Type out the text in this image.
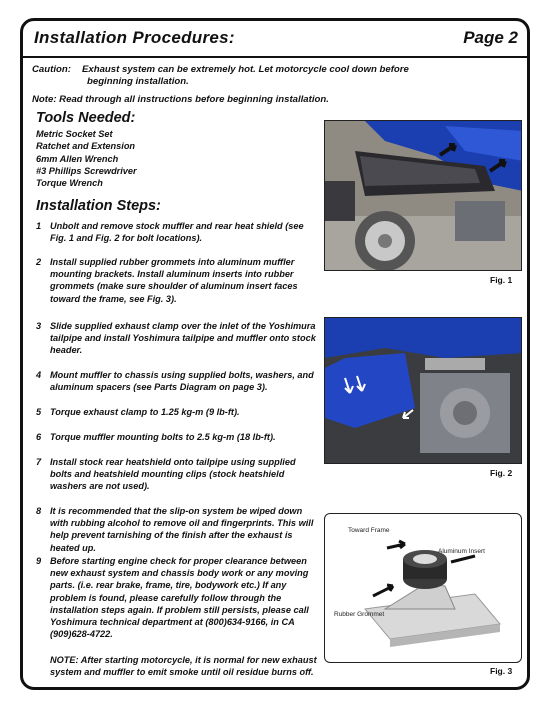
Installation Procedures:	Page 2
Caution: Exhaust system can be extremely hot. Let motorcycle cool down before
beginning installation.
Note: Read through all instructions before beginning installation.
Tools Needed:
Metric Socket Set
Ratchet and Extension
6mm Allen Wrench
#3 Phillips Screwdriver
Torque Wrench
Installation Steps:
1 Unbolt and remove stock muffler and rear heat shield (see Fig. 1 and Fig. 2 for bolt locations).
2 Install supplied rubber grommets into aluminum muffler mounting brackets. Install aluminum inserts into rubber grommets (make sure shoulder of aluminum insert faces toward the frame, see Fig. 3).
3 Slide supplied exhaust clamp over the inlet of the Yoshimura tailpipe and install Yoshimura tailpipe and muffler onto stock header.
4 Mount muffler to chassis using supplied bolts, washers, and aluminum spacers (see Parts Diagram on page 3).
5 Torque exhaust clamp to 1.25 kg-m (9 lb-ft).
6 Torque muffler mounting bolts to 2.5 kg-m (18 lb-ft).
7 Install stock rear heatshield onto tailpipe using supplied bolts and heatshield mounting clips (stock heatshield washers are not used).
8 It is recommended that the slip-on system be wiped down with rubbing alcohol to remove oil and fingerprints. This will help prevent tarnishing of the finish after the exhaust is heated up.
9 Before starting engine check for proper clearance between new exhaust system and chassis body work or any moving parts. (i.e. rear brake, frame, tire, bodywork etc.) If any problem is found, please carefully follow through the installation steps again. If problem still persists, please call Yoshimura technical department at (800)634-9166, in CA (909)628-4722.
NOTE: After starting motorcycle, it is normal for new exhaust system and muffler to emit smoke until oil residue burns off.
Fig. 1
Fig. 2
Toward Frame
Aluminum Insert
Rubber Grommet
Fig. 3
